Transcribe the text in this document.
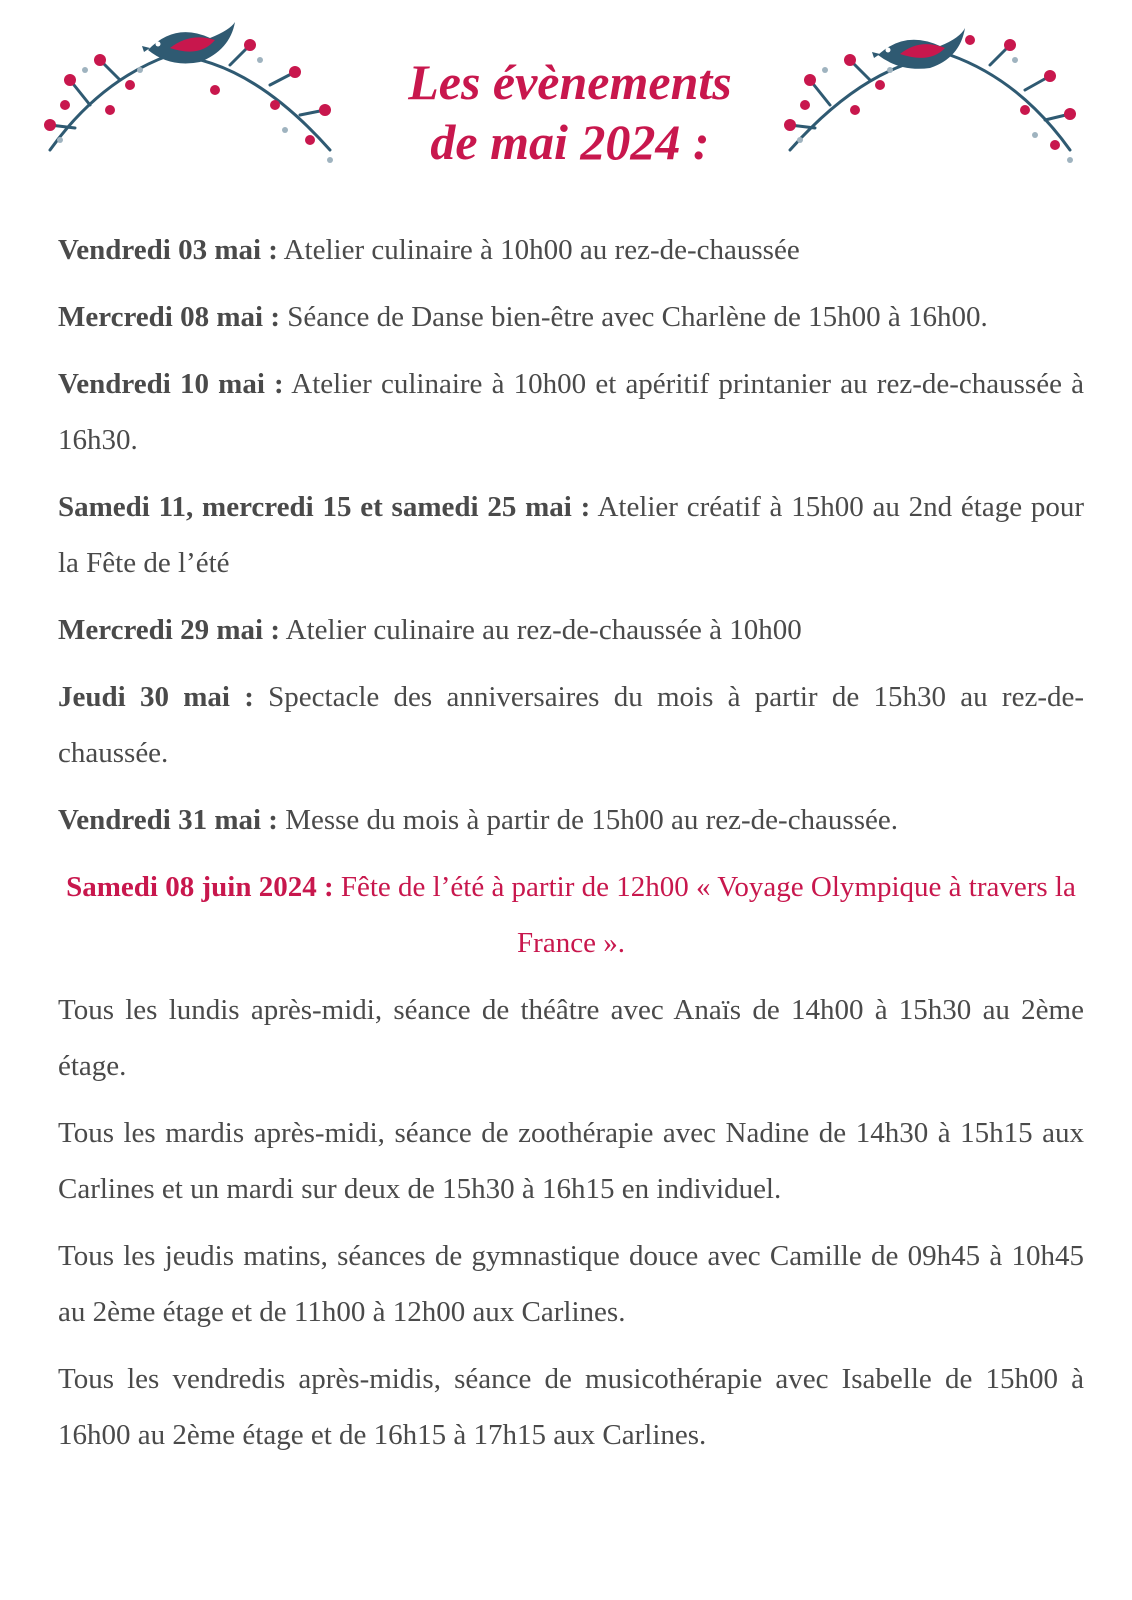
Les évènements
de mai 2024 :

Vendredi 03 mai : Atelier culinaire à 10h00 au rez-de-chaussée

Mercredi 08 mai : Séance de Danse bien-être avec Charlène de 15h00 à 16h00.

Vendredi 10 mai : Atelier culinaire à 10h00 et apéritif printanier au rez-de-chaussée à 16h30.

Samedi 11, mercredi 15 et samedi 25 mai : Atelier créatif à 15h00 au 2nd étage pour la Fête de l’été

Mercredi 29 mai : Atelier culinaire au rez-de-chaussée à 10h00

Jeudi 30 mai : Spectacle des anniversaires du mois à partir de 15h30 au rez-de-chaussée.

Vendredi 31 mai : Messe du mois à partir de 15h00 au rez-de-chaussée.

Samedi 08 juin 2024 : Fête de l’été à partir de 12h00 « Voyage Olympique à travers la France ».

Tous les lundis après-midi, séance de théâtre avec Anaïs de 14h00 à 15h30 au 2ème étage.

Tous les mardis après-midi, séance de zoothérapie avec Nadine de 14h30 à 15h15 aux Carlines et un mardi sur deux de 15h30 à 16h15 en individuel.

Tous les jeudis matins, séances de gymnastique douce avec Camille de 09h45 à 10h45 au 2ème étage et de 11h00 à 12h00 aux Carlines.

Tous les vendredis après-midis, séance de musicothérapie avec Isabelle de 15h00 à 16h00 au 2ème étage et de 16h15 à 17h15 aux Carlines.
